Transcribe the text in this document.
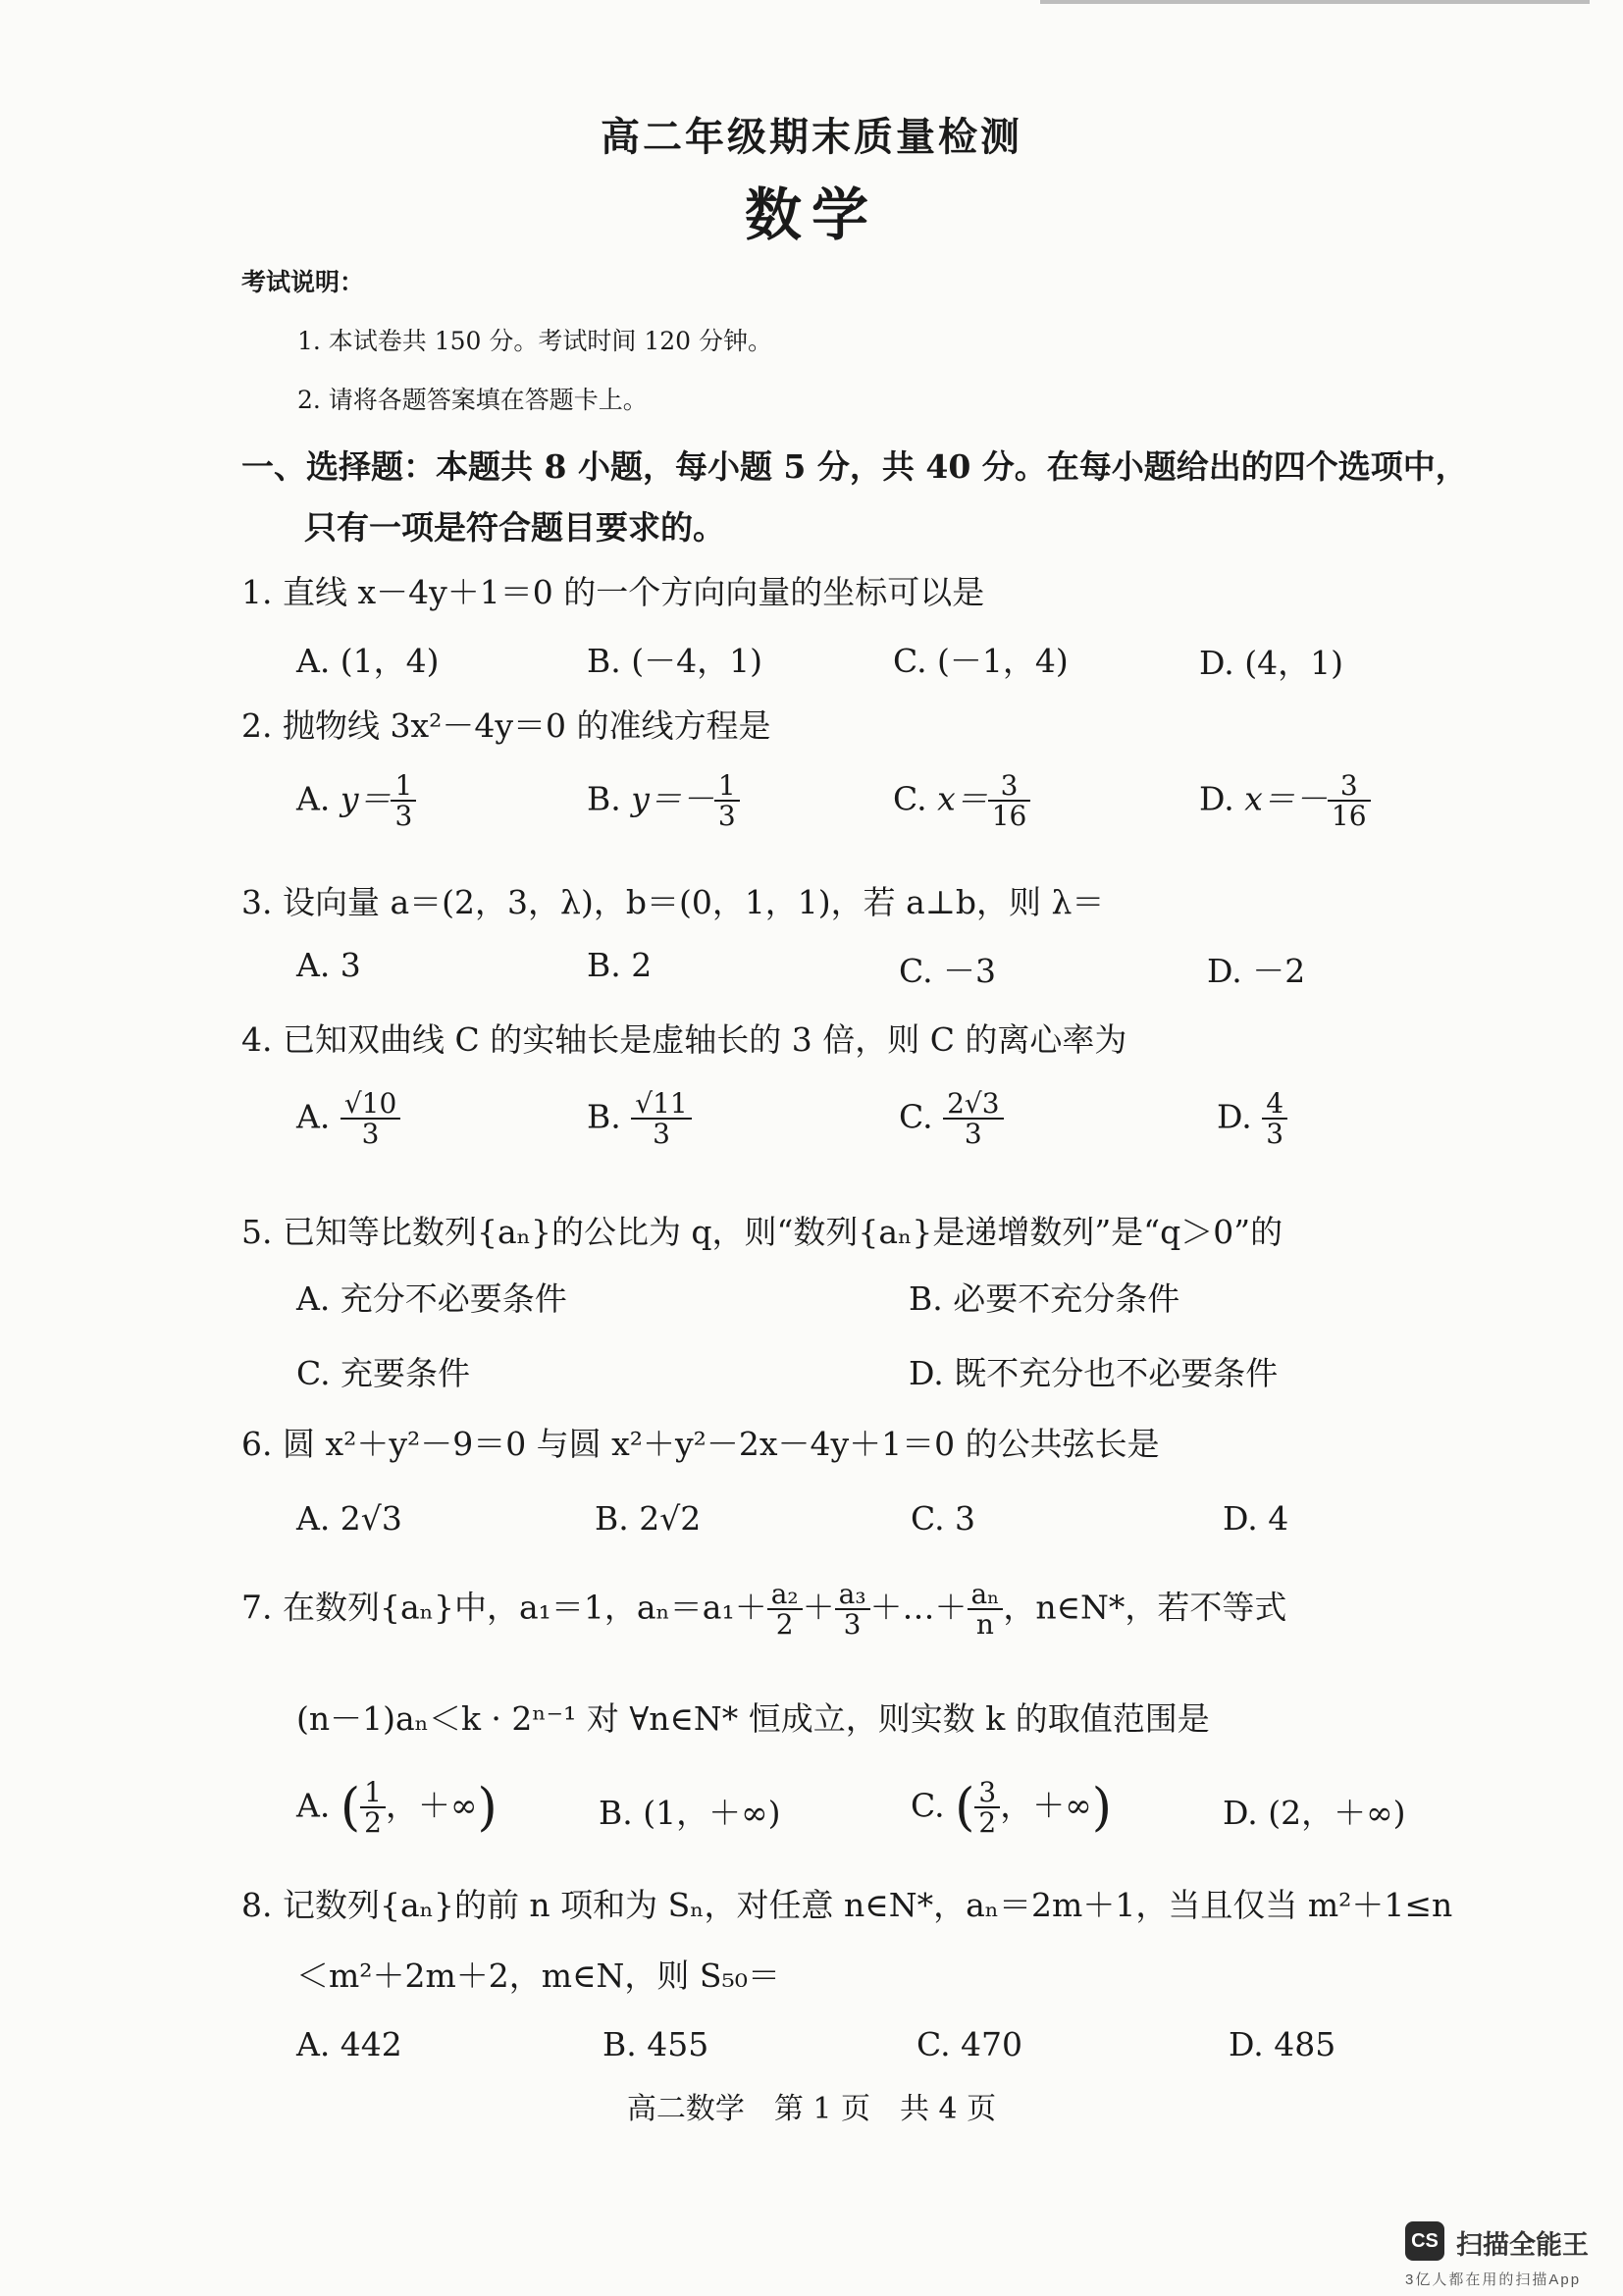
高二年级期末质量检测
数学
考试说明：
1. 本试卷共 150 分。考试时间 120 分钟。
2. 请将各题答案填在答题卡上。
一、选择题：本题共 8 小题，每小题 5 分，共 40 分。在每小题给出的四个选项中，
只有一项是符合题目要求的。
1. 直线 x－4y＋1＝0 的一个方向向量的坐标可以是
A. (1，4)	B. (－4，1)	C. (－1，4)	D. (4，1)
2. 抛物线 3x²－4y＝0 的准线方程是
A. $y= \frac{1}{3}$	B. $y=- \frac{1}{3}$	C. $x= \frac{3}{16}$	D. $x=- \frac{3}{16}$
3. 设向量 a＝(2，3，λ)，b＝(0，1，1)，若 a⊥b，则 λ＝
A. 3	B. 2	C. －3	D. －2
4. 已知双曲线 C 的实轴长是虚轴长的 3 倍，则 C 的离心率为
A. $\frac{√10}{3}$	B. $\frac{√11}{3}$	C. $\frac{2√3}{3}$	D. $\frac{4}{3}$
5. 已知等比数列{aₙ}的公比为 q，则“数列{aₙ}是递增数列”是“q＞0”的
A. 充分不必要条件	B. 必要不充分条件
C. 充要条件	D. 既不充分也不必要条件
6. 圆 x²＋y²－9＝0 与圆 x²＋y²－2x－4y＋1＝0 的公共弦长是
A. 2√3	B. 2√2	C. 3	D. 4
7. 在数列{aₙ}中，a₁＝1，$a_n=a_1+ \frac{\text{a₂}}{2} + \frac{\text{a₃}}{3}$ ＋…＋ $\frac{\text{aₙ}}{n}$ ，n∈N*，若不等式
(n－1)aₙ＜k · 2ⁿ⁻¹ 对 ∀n∈N* 恒成立，则实数 k 的取值范围是
A. ( $\frac{1}{2}$ ，＋∞)	B. (1，＋∞)	C. ( $\frac{3}{2}$ ，＋∞)	D. (2，＋∞)
8. 记数列{aₙ}的前 n 项和为 Sₙ，对任意 n∈N*，aₙ＝2m＋1，当且仅当 m²＋1≤n
＜m²＋2m＋2，m∈N，则 S₅₀＝
A. 442	B. 455	C. 470	D. 485
高二数学　第 1 页　共 4 页
CS 扫描全能王
3亿人都在用的扫描App
